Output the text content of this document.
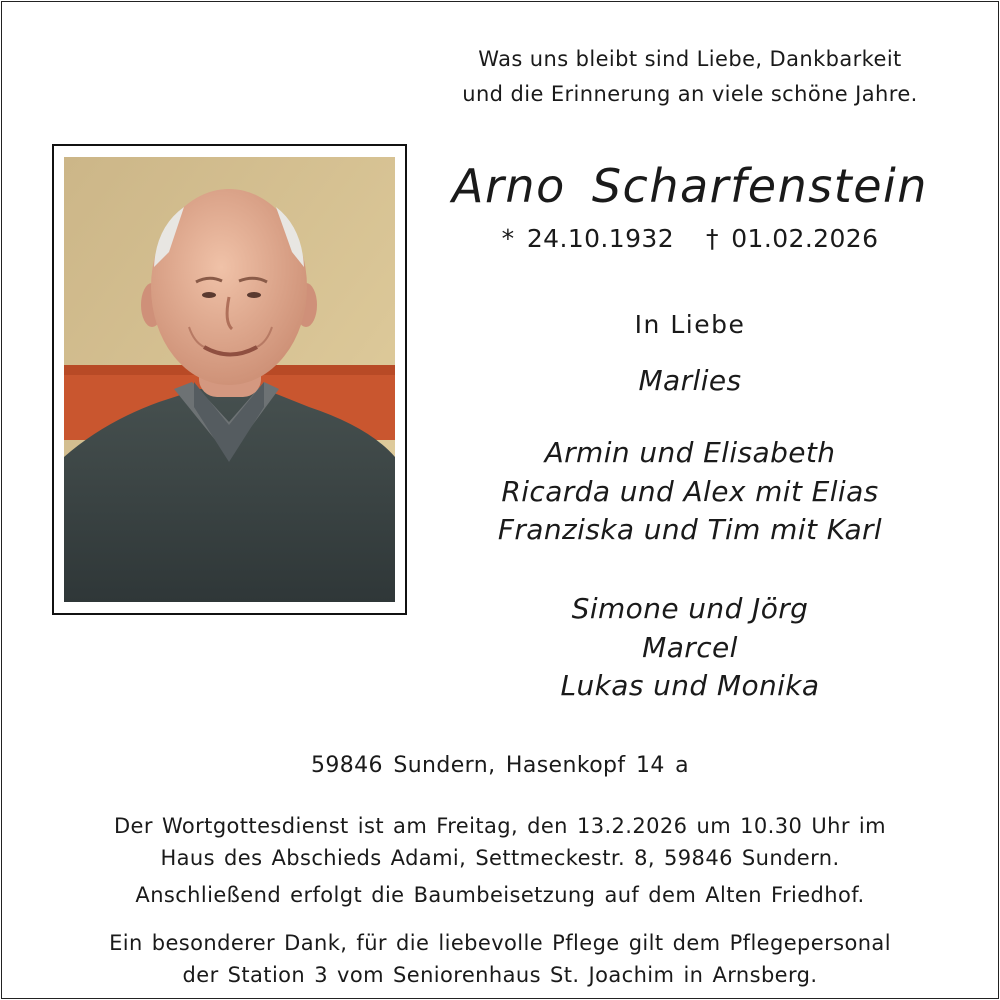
Was uns bleibt sind Liebe, Dankbarkeit
und die Erinnerung an viele schöne Jahre.
Arno Scharfenstein
* 24.10.1932 † 01.02.2026
In Liebe
Marlies
Armin und Elisabeth
Ricarda und Alex mit Elias
Franziska und Tim mit Karl
Simone und Jörg
Marcel
Lukas und Monika
59846 Sundern, Hasenkopf 14 a
Der Wortgottesdienst ist am Freitag, den 13.2.2026 um 10.30 Uhr im
Haus des Abschieds Adami, Settmeckestr. 8, 59846 Sundern.
Anschließend erfolgt die Baumbeisetzung auf dem Alten Friedhof.
Ein besonderer Dank, für die liebevolle Pflege gilt dem Pflegepersonal
der Station 3 vom Seniorenhaus St. Joachim in Arnsberg.
